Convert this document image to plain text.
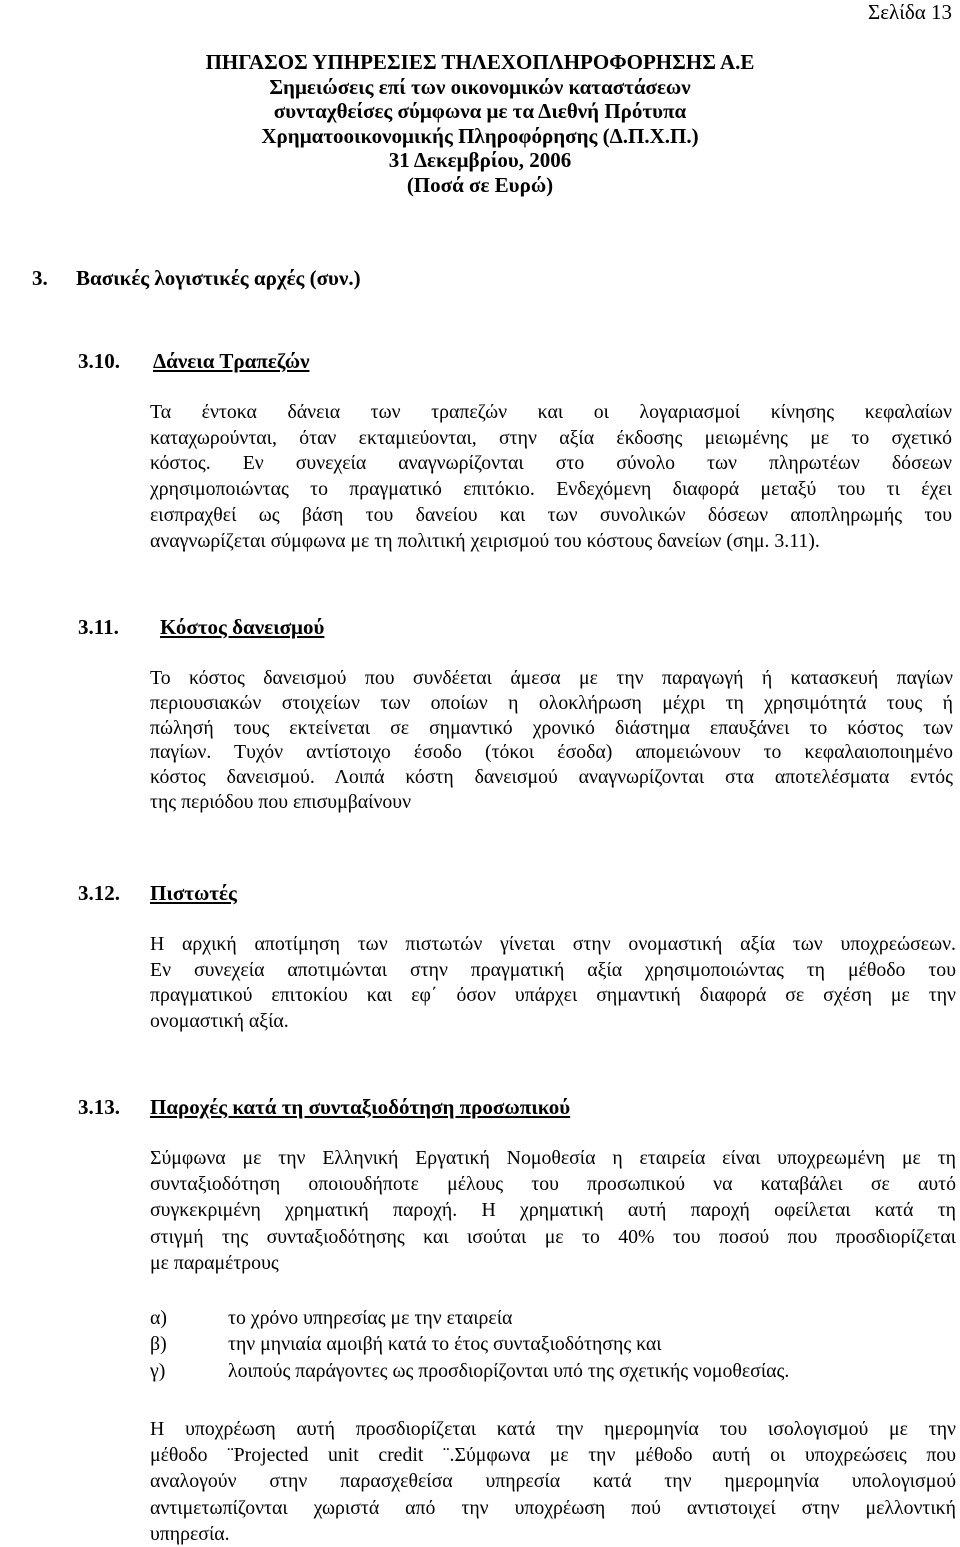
Σελίδα 13
ΠΗΓΑΣΟΣ ΥΠΗΡΕΣΙΕΣ ΤΗΛΕΧΟΠΛΗΡΟΦΟΡΗΣΗΣ Α.Ε
Σημειώσεις επί των οικονομικών καταστάσεων
συνταχθείσες σύμφωνα με τα Διεθνή Πρότυπα
Χρηματοοικονομικής Πληροφόρησης (Δ.Π.Χ.Π.)
31 Δεκεμβρίου, 2006
(Ποσά σε Ευρώ)
3. Βασικές λογιστικές αρχές (συν.)
3.10. Δάνεια Τραπεζών
Τα έντοκα δάνεια των τραπεζών και οι λογαριασμοί κίνησης κεφαλαίων
καταχωρούνται, όταν εκταμιεύονται, στην αξία έκδοσης μειωμένης με το σχετικό
κόστος. Εν συνεχεία αναγνωρίζονται στο σύνολο των πληρωτέων δόσεων
χρησιμοποιώντας το πραγματικό επιτόκιο. Ενδεχόμενη διαφορά μεταξύ του τι έχει
εισπραχθεί ως βάση του δανείου και των συνολικών δόσεων αποπληρωμής του
αναγνωρίζεται σύμφωνα με τη πολιτική χειρισμού του κόστους δανείων (σημ. 3.11).
3.11. Κόστος δανεισμού
Το κόστος δανεισμού που συνδέεται άμεσα με την παραγωγή ή κατασκευή παγίων
περιουσιακών στοιχείων των οποίων η ολοκλήρωση μέχρι τη χρησιμότητά τους ή
πώλησή τους εκτείνεται σε σημαντικό χρονικό διάστημα επαυξάνει το κόστος των
παγίων. Τυχόν αντίστοιχο έσοδο (τόκοι έσοδα) απομειώνουν το κεφαλαιοποιημένο
κόστος δανεισμού. Λοιπά κόστη δανεισμού αναγνωρίζονται στα αποτελέσματα εντός
της περιόδου που επισυμβαίνουν
3.12. Πιστωτές
Η αρχική αποτίμηση των πιστωτών γίνεται στην ονομαστική αξία των υποχρεώσεων.
Εν συνεχεία αποτιμώνται στην πραγματική αξία χρησιμοποιώντας τη μέθοδο του
πραγματικού επιτοκίου και εφ΄ όσον υπάρχει σημαντική διαφορά σε σχέση με την
ονομαστική αξία.
3.13. Παροχές κατά τη συνταξιοδότηση προσωπικού
Σύμφωνα με την Ελληνική Εργατική Νομοθεσία η εταιρεία είναι υποχρεωμένη με τη
συνταξιοδότηση οποιουδήποτε μέλους του προσωπικού να καταβάλει σε αυτό
συγκεκριμένη χρηματική παροχή. Η χρηματική αυτή παροχή οφείλεται κατά τη
στιγμή της συνταξιοδότησης και ισούται με το 40% του ποσού που προσδιορίζεται
με παραμέτρους
α)	το χρόνο υπηρεσίας με την εταιρεία
β)	την μηνιαία αμοιβή κατά το έτος συνταξιοδότησης και
γ)	λοιπούς παράγοντες ως προσδιορίζονται υπό της σχετικής νομοθεσίας.
Η υποχρέωση αυτή προσδιορίζεται κατά την ημερομηνία του ισολογισμού με την
μέθοδο ¨Projected unit credit ¨.Σύμφωνα με την μέθοδο αυτή οι υποχρεώσεις που
αναλογούν στην παρασχεθείσα υπηρεσία κατά την ημερομηνία υπολογισμού
αντιμετωπίζονται χωριστά από την υποχρέωση πού αντιστοιχεί στην μελλοντική
υπηρεσία.
